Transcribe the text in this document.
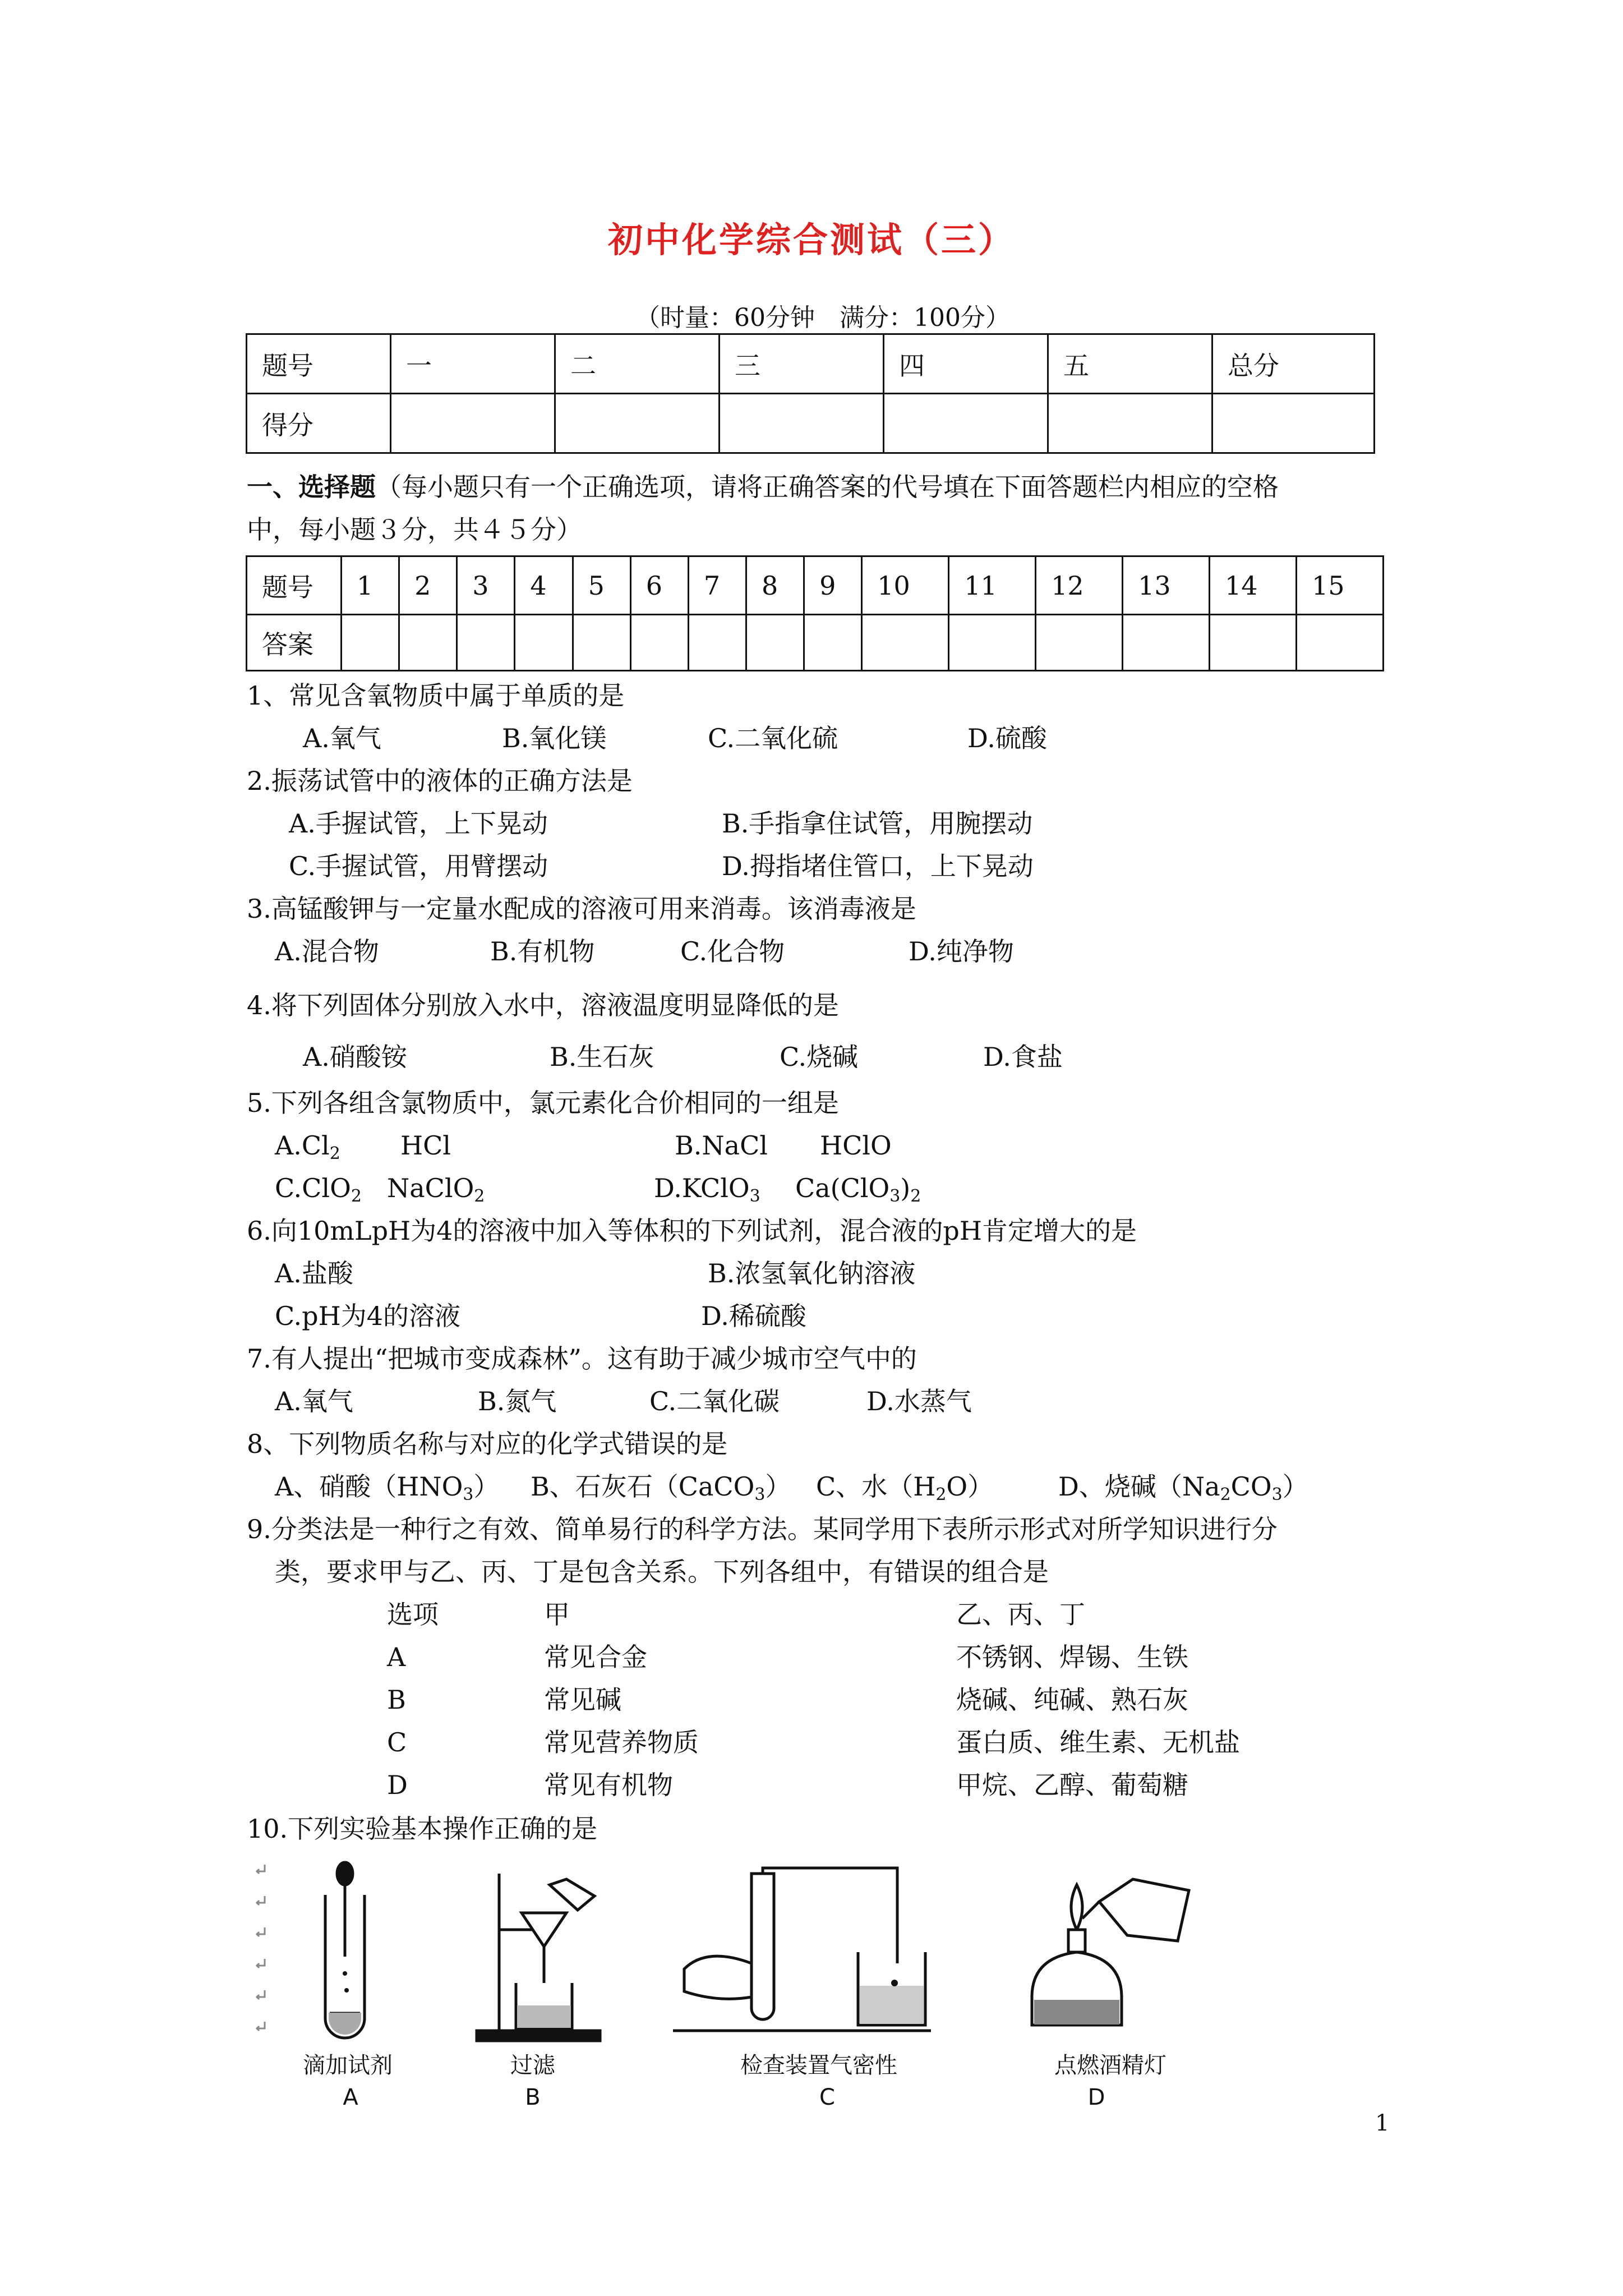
初中化学综合测试（三）
（时量：60分钟　满分：100分）
题号	一	二	三	四	五	总分
得分						
一、选择题（每小题只有一个正确选项，请将正确答案的代号填在下面答题栏内相应的空格
中，每小题３分，共４５分）
题号	1	2	3	4	5	6	7	8	9	10	11	12	13	14	15
答案															
1、常见含氧物质中属于单质的是
A.氧气	B.氧化镁	C.二氧化硫	D.硫酸
2.振荡试管中的液体的正确方法是
A.手握试管，上下晃动	B.手指拿住试管，用腕摆动
C.手握试管，用臂摆动	D.拇指堵住管口，上下晃动
3.高锰酸钾与一定量水配成的溶液可用来消毒。该消毒液是
A.混合物	B.有机物	C.化合物	D.纯净物
4.将下列固体分别放入水中，溶液温度明显降低的是
A.硝酸铵	B.生石灰	C.烧碱	D.食盐
5.下列各组含氯物质中，氯元素化合价相同的一组是
$A.Cl_2$ HCl	B.NaCl HClO
C.ClO$_2$ NaClO$_2$	D.KClO$_3$ $Ca(ClO_3)_2$
6.向10mLpH为4的溶液中加入等体积的下列试剂，混合液的pH肯定增大的是
A.盐酸	B.浓氢氧化钠溶液
C.pH为4的溶液	D.稀硫酸
7.有人提出“把城市变成森林”。这有助于减少城市空气中的
A.氧气	B.氮气	C.二氧化碳	D.水蒸气
8、下列物质名称与对应的化学式错误的是
A、硝酸$(HNO_3)$ B、石灰石（CaCO$_3$） C、水$(H_2O)$	D、烧碱$(Na_2CO_3)$
9.分类法是一种行之有效、简单易行的科学方法。某同学用下表所示形式对所学知识进行分
类，要求甲与乙、丙、丁是包含关系。下列各组中，有错误的组合是
选项	甲	乙、丙、丁
A	常见合金	不锈钢、焊锡、生铁
B	常见碱	烧碱、纯碱、熟石灰
C	常见营养物质	蛋白质、维生素、无机盐
D	常见有机物	甲烷、乙醇、葡萄糖
10.下列实验基本操作正确的是
滴加试剂	过滤	检查装置气密性	点燃酒精灯
A	B	C	D
1
